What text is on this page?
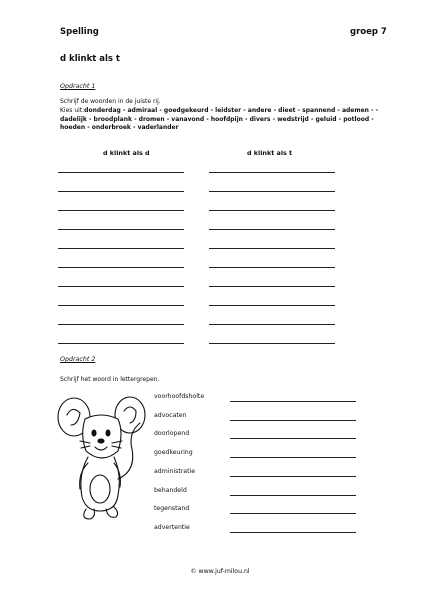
Spelling	groep 7
d klinkt als t
Opdracht 1
Schrijf de woorden in de juiste rij.
Kies uit:donderdag - admiraal - goedgekeurd - leidster - andere - dieet - spannend - ademen - - dadelijk - broodplank - dromen - vanavond - hoofdpijn - divers - wedstrijd - geluid - potlood - hoeden - onderbroek - vaderlander
d klinkt als d	d klinkt als t
Opdracht 2
Schrijf het woord in lettergrepen.
voorhoofdsholte
advocaten
doorlopend
goedkeuring
administratie
behandeld
tegenstand
advertentie
© www.juf-milou.nl
